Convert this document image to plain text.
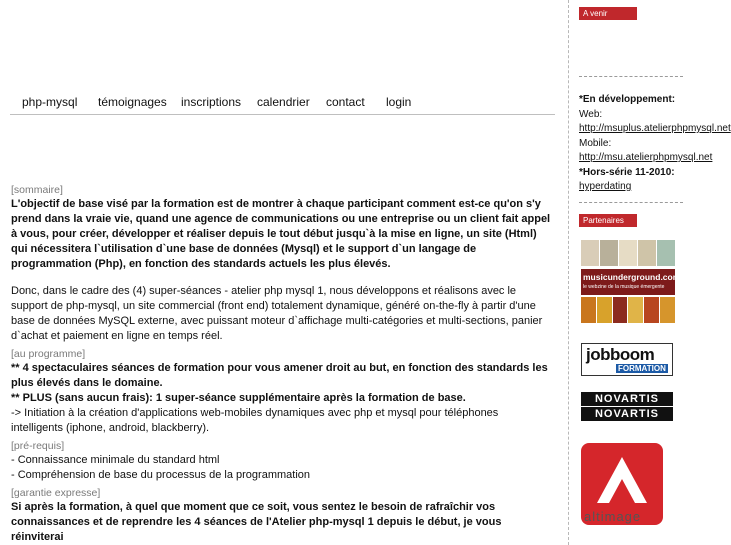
php-mysql témoignages inscriptions calendrier contact login
[sommaire]

L'objectif de base visé par la formation est de montrer à chaque participant comment est-ce qu'on s'y prend dans la vraie vie, quand une agence de communications ou une entreprise ou un client fait appel à vous, pour créer, développer et réaliser depuis le tout début jusqu`à la mise en ligne, un site (Html) qui nécessitera l`utilisation d`une base de données (Mysql) et le support d`un langage de programmation (Php), en fonction des standards actuels les plus élevés.

Donc, dans le cadre des (4) super-séances - atelier php mysql 1, nous développons et réalisons avec le support de php-mysql, un site commercial (front end) totalement dynamique, généré on-the-fly à partir d'une base de données MySQL externe, avec puissant moteur d`affichage multi-catégories et multi-sections, panier d`achat et paiement en ligne en temps réel.

[au programme]

** 4 spectaculaires séances de formation pour vous amener droit au but, en fonction des standards les plus élevés dans le domaine.

** PLUS (sans aucun frais): 1 super-séance supplémentaire après la formation de base.

-> Initiation à la création d'applications web-mobiles dynamiques avec php et mysql pour téléphones intelligents (iphone, android, blackberry).

[pré-requis]

- Connaissance minimale du standard html

- Compréhension de base du processus de la programmation

[garantie expresse]

Si après la formation, à quel que moment que ce soit, vous sentez le besoin de rafraîchir vos connaissances et de reprendre les 4 séances de l'Atelier php-mysql 1 depuis le début, je vous réinviterai

A venir
*En développement:
Web:
http://msuplus.atelierphpmysql.net
Mobile:
http://msu.atelierphpmysql.net
*Hors-série 11-2010:
hyperdating
Partenaires
musicunderground.com
le webzine de la musique émergente
jobboom
FORMATION
NOVARTIS
NOVARTIS
altimage
